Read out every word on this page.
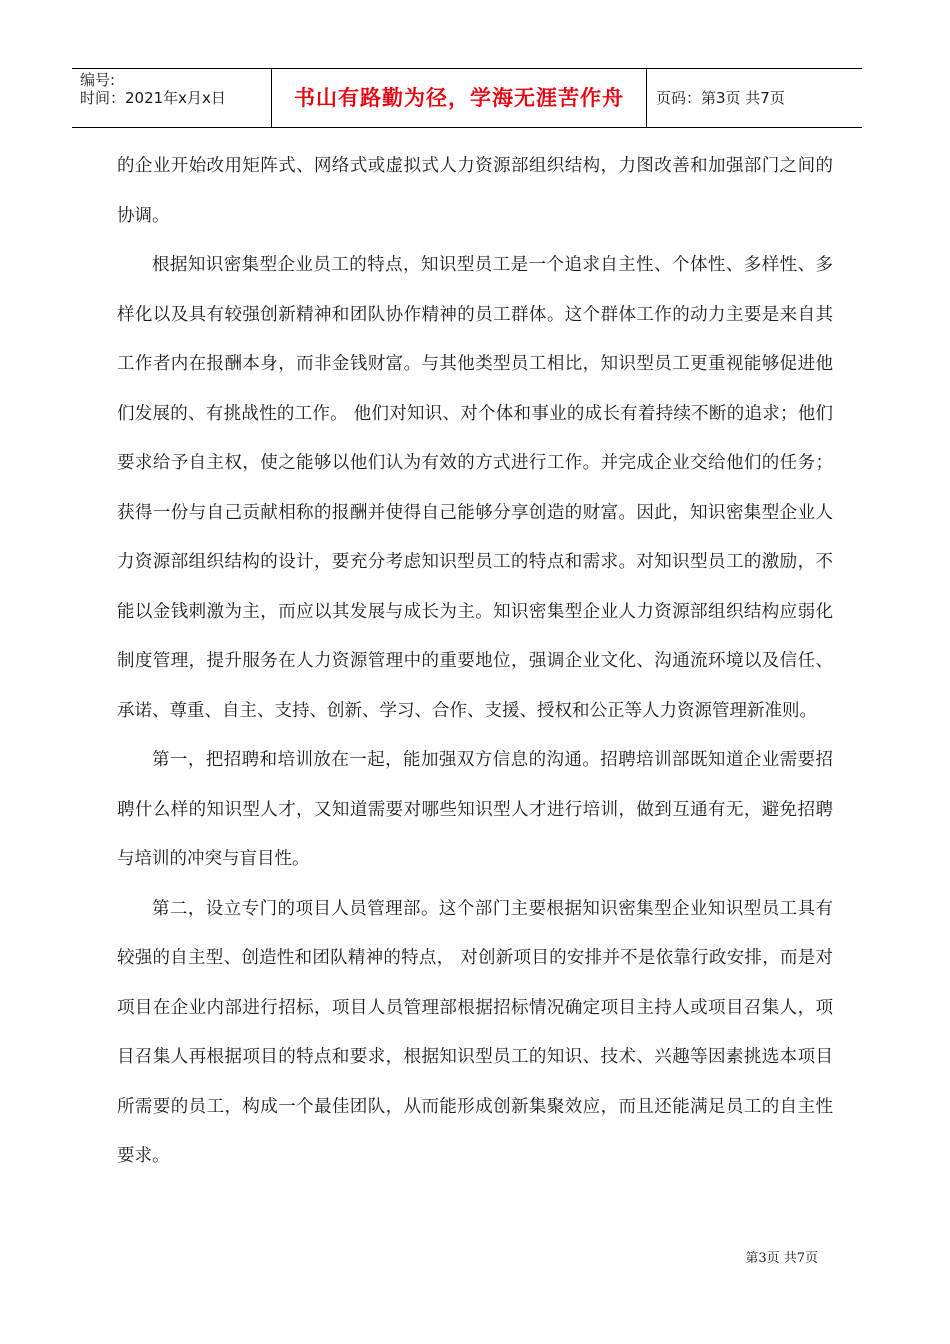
编号:
时间：2021年x月x日	书山有路勤为径，学海无涯苦作舟	页码：第3页 共7页

的企业开始改用矩阵式、网络式或虚拟式人力资源部组织结构，力图改善和加强部门之间的协调。

根据知识密集型企业员工的特点，知识型员工是一个追求自主性、个体性、多样性、多样化以及具有较强创新精神和团队协作精神的员工群体。这个群体工作的动力主要是来自其工作者内在报酬本身，而非金钱财富。与其他类型员工相比，知识型员工更重视能够促进他们发展的、有挑战性的工作。 他们对知识、对个体和事业的成长有着持续不断的追求；他们要求给予自主权，使之能够以他们认为有效的方式进行工作。并完成企业交给他们的任务；获得一份与自己贡献相称的报酬并使得自己能够分享创造的财富。因此，知识密集型企业人力资源部组织结构的设计，要充分考虑知识型员工的特点和需求。对知识型员工的激励，不能以金钱刺激为主，而应以其发展与成长为主。知识密集型企业人力资源部组织结构应弱化制度管理，提升服务在人力资源管理中的重要地位，强调企业文化、沟通流环境以及信任、承诺、尊重、自主、支持、创新、学习、合作、支援、授权和公正等人力资源管理新准则。

第一，把招聘和培训放在一起，能加强双方信息的沟通。招聘培训部既知道企业需要招聘什么样的知识型人才，又知道需要对哪些知识型人才进行培训，做到互通有无，避免招聘与培训的冲突与盲目性。

第二，设立专门的项目人员管理部。这个部门主要根据知识密集型企业知识型员工具有较强的自主型、创造性和团队精神的特点， 对创新项目的安排并不是依靠行政安排，而是对项目在企业内部进行招标，项目人员管理部根据招标情况确定项目主持人或项目召集人，项目召集人再根据项目的特点和要求，根据知识型员工的知识、技术、兴趣等因素挑选本项目所需要的员工，构成一个最佳团队，从而能形成创新集聚效应，而且还能满足员工的自主性要求。

第3页 共7页
